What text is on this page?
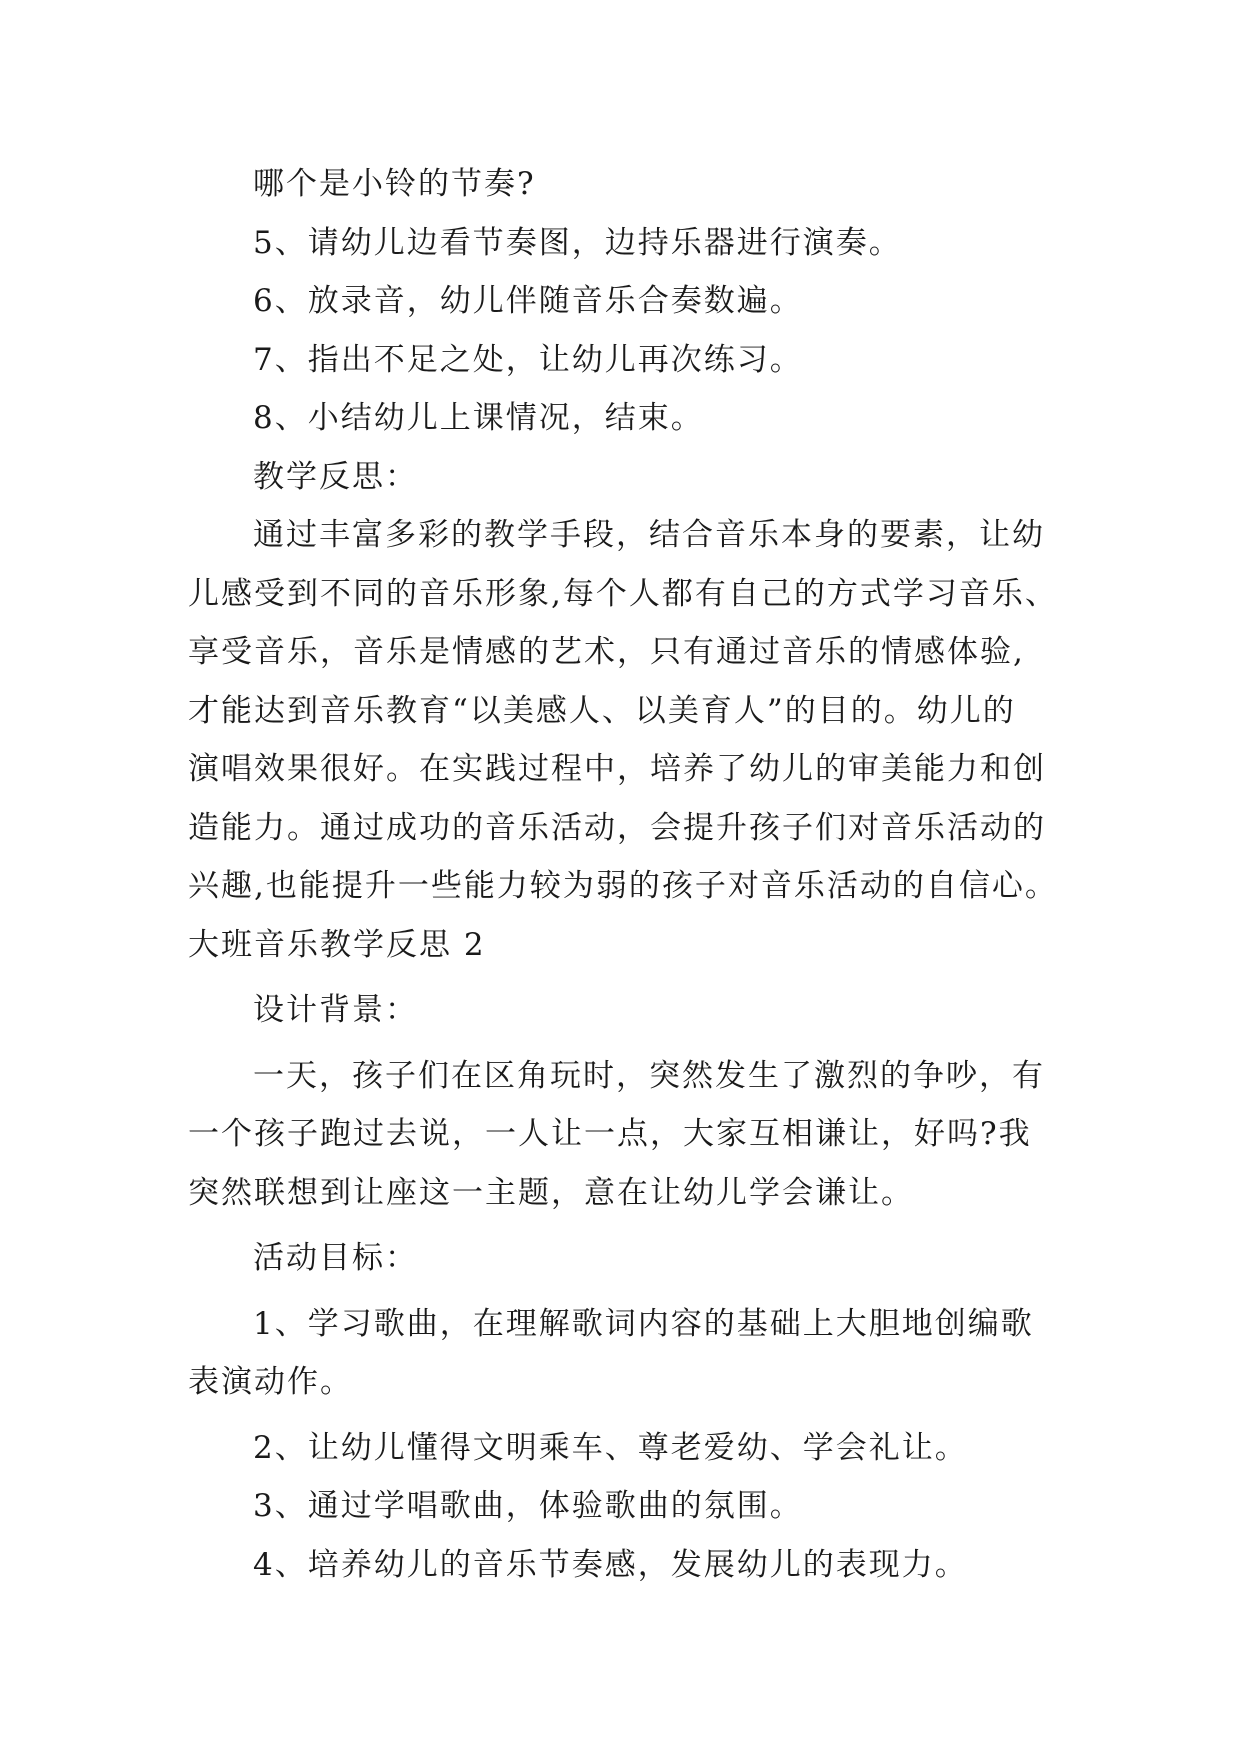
哪个是小铃的节奏?

5、请幼儿边看节奏图，边持乐器进行演奏。

6、放录音，幼儿伴随音乐合奏数遍。

7、指出不足之处，让幼儿再次练习。

8、小结幼儿上课情况，结束。

教学反思：

通过丰富多彩的教学手段，结合音乐本身的要素，让幼

儿感受到不同的音乐形象,每个人都有自己的方式学习音乐、

享受音乐，音乐是情感的艺术，只有通过音乐的情感体验,

才能达到音乐教育“以美感人、以美育人”的目的。幼儿的

演唱效果很好。在实践过程中，培养了幼儿的审美能力和创

造能力。通过成功的音乐活动，会提升孩子们对音乐活动的

兴趣,也能提升一些能力较为弱的孩子对音乐活动的自信心。

大班音乐教学反思 2

设计背景：

一天，孩子们在区角玩时，突然发生了激烈的争吵，有

一个孩子跑过去说，一人让一点，大家互相谦让，好吗?我

突然联想到让座这一主题，意在让幼儿学会谦让。

活动目标：

1、学习歌曲，在理解歌词内容的基础上大胆地创编歌

表演动作。

2、让幼儿懂得文明乘车、尊老爱幼、学会礼让。

3、通过学唱歌曲，体验歌曲的氛围。

4、培养幼儿的音乐节奏感，发展幼儿的表现力。
